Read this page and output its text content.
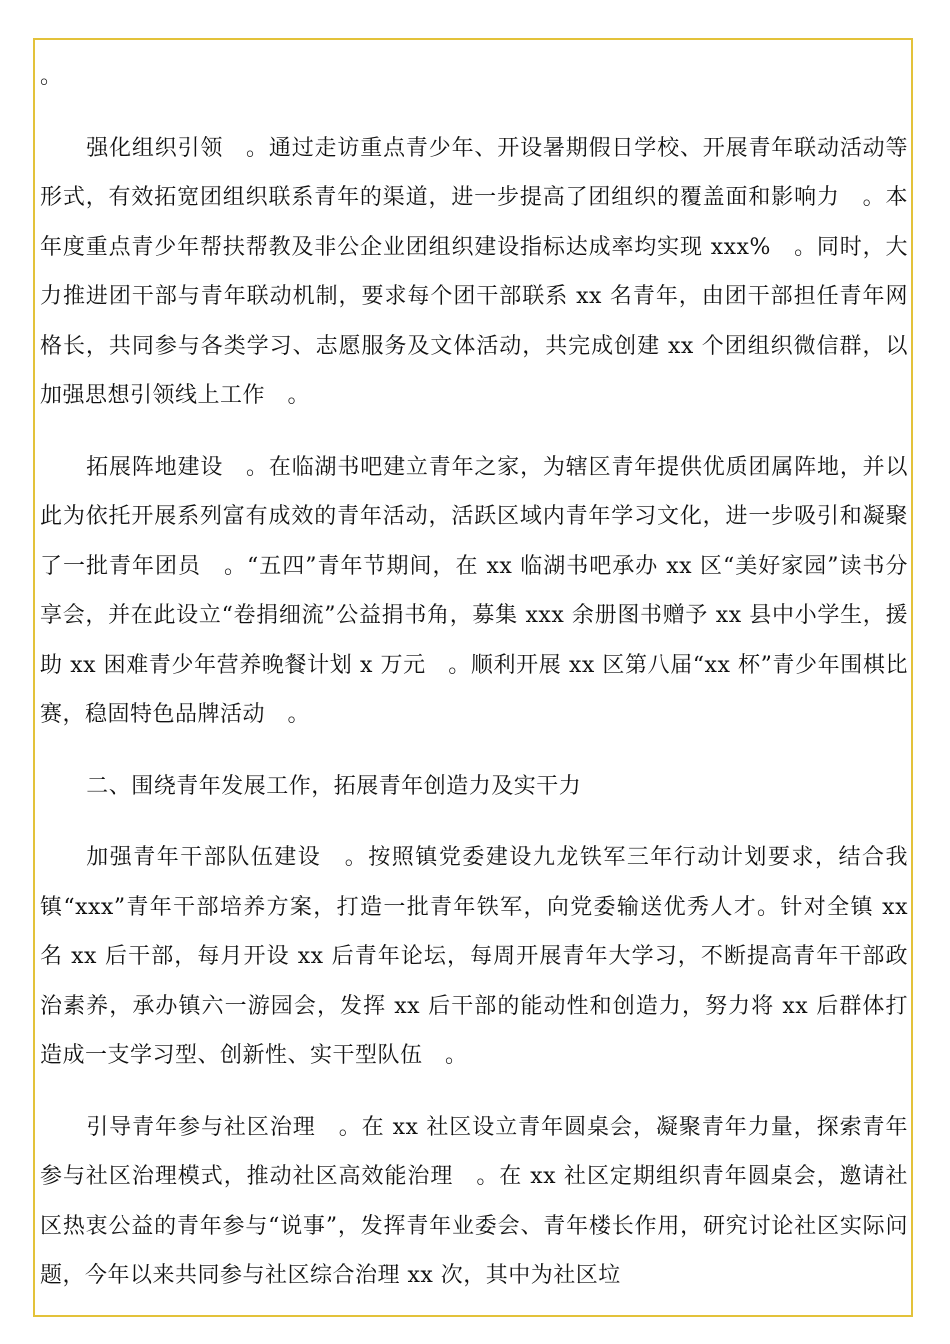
。

强化组织引领　。通过走访重点青少年、开设暑期假日学校、开展青年联动活动等形式，有效拓宽团组织联系青年的渠道，进一步提高了团组织的覆盖面和影响力　。本年度重点青少年帮扶帮教及非公企业团组织建设指标达成率均实现 xxx%　。同时，大力推进团干部与青年联动机制，要求每个团干部联系 xx 名青年，由团干部担任青年网格长，共同参与各类学习、志愿服务及文体活动，共完成创建 xx 个团组织微信群，以加强思想引领线上工作　。

拓展阵地建设　。在临湖书吧建立青年之家，为辖区青年提供优质团属阵地，并以此为依托开展系列富有成效的青年活动，活跃区域内青年学习文化，进一步吸引和凝聚了一批青年团员　。“五四”青年节期间，在 xx 临湖书吧承办 xx 区“美好家园”读书分享会，并在此设立“卷捐细流”公益捐书角，募集 xxx 余册图书赠予 xx 县中小学生，援助 xx 困难青少年营养晚餐计划 x 万元　。顺利开展 xx 区第八届“xx 杯”青少年围棋比赛，稳固特色品牌活动　。

二、围绕青年发展工作，拓展青年创造力及实干力

加强青年干部队伍建设　。按照镇党委建设九龙铁军三年行动计划要求，结合我镇“xxx”青年干部培养方案，打造一批青年铁军，向党委输送优秀人才。针对全镇 xx 名 xx 后干部，每月开设 xx 后青年论坛，每周开展青年大学习，不断提高青年干部政治素养，承办镇六一游园会，发挥 xx 后干部的能动性和创造力，努力将 xx 后群体打造成一支学习型、创新性、实干型队伍　。

引导青年参与社区治理　。在 xx 社区设立青年圆桌会，凝聚青年力量，探索青年参与社区治理模式，推动社区高效能治理　。在 xx 社区定期组织青年圆桌会，邀请社区热衷公益的青年参与“说事”，发挥青年业委会、青年楼长作用，研究讨论社区实际问题，今年以来共同参与社区综合治理 xx 次，其中为社区垃
